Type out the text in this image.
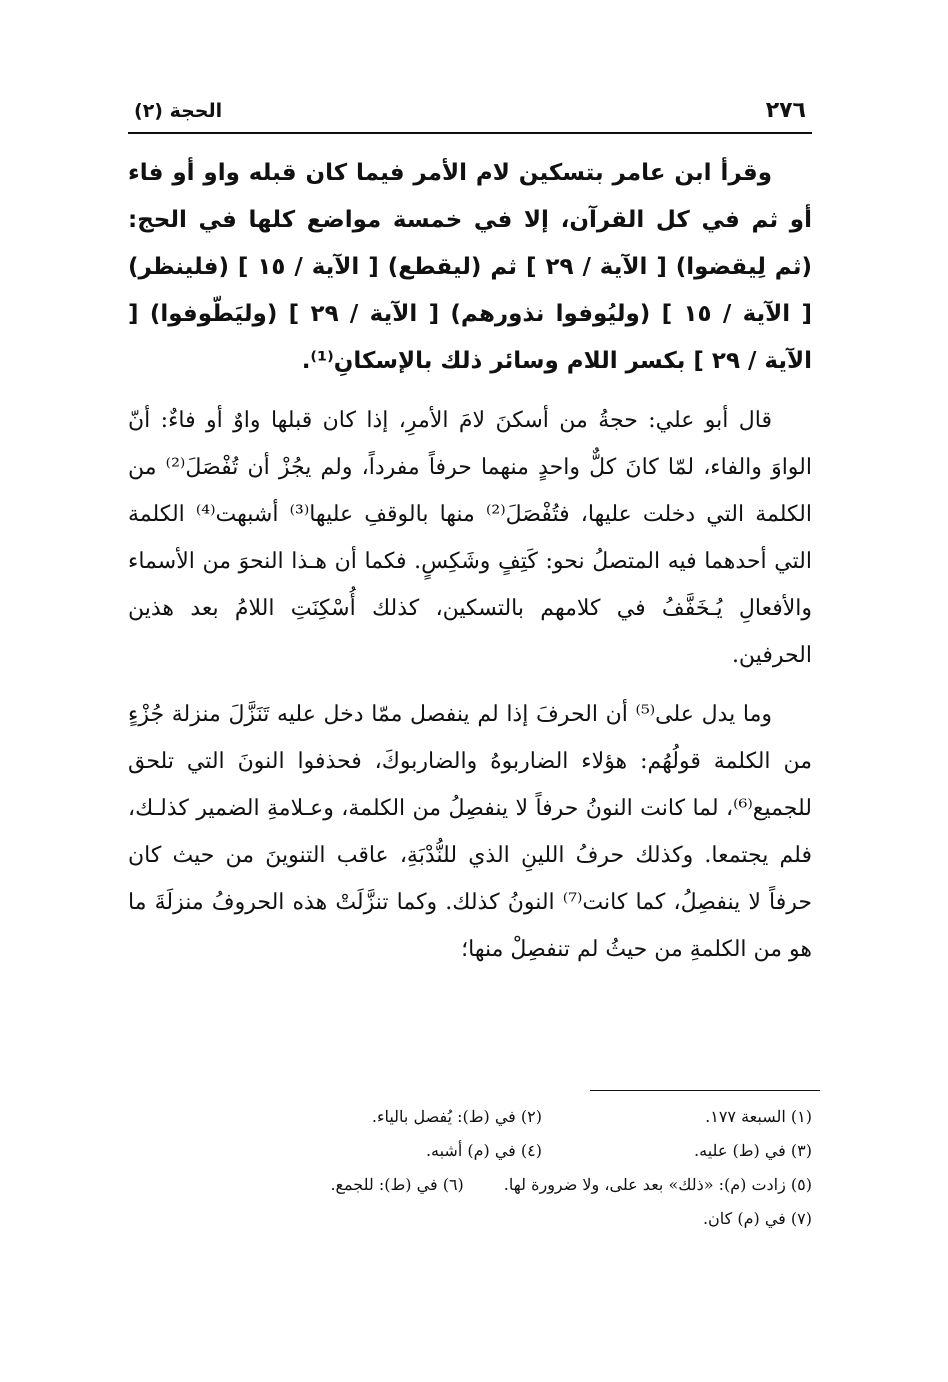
٢٧٦
الحجة (٢)

وقرأ ابن عامر بتسكين لام الأمر فيما كان قبله واو أو فاء أو ثم في كل القرآن، إلا في خمسة مواضع كلها في الحج: (ثم لِيقضوا) [ الآية / ٢٩ ] ثم (ليقطع) [ الآية / ١٥ ] (فلينظر) [ الآية / ١٥ ] (وليُوفوا نذورهم) [ الآية / ٢٩ ] (وليَطّوفوا) [ الآية / ٢٩ ] بكسر اللام وسائر ذلك بالإسكانِ⁽¹⁾.

قال أبو علي: حجةُ من أسكنَ لامَ الأمرِ، إذا كان قبلها واوٌ أو فاءٌ: أنّ الواوَ والفاء، لمّا كانَ كلٌّ واحدٍ منهما حرفاً مفرداً، ولم يجُزْ أن تُفْصَلَ⁽²⁾ من الكلمة التي دخلت عليها، فتُفْصَلَ⁽²⁾ منها بالوقفِ عليها⁽³⁾ أشبهت⁽⁴⁾ الكلمة التي أحدهما فيه المتصلُ نحو: كَتِفٍ وشَكِسٍ. فكما أن هـذا النحوَ من الأسماء والأفعالِ يُـخَفَّفُ في كلامهم بالتسكين، كذلك أُسْكِنَتِ اللامُ بعد هذين الحرفين.

وما يدل على⁽⁵⁾ أن الحرفَ إذا لم ينفصل ممّا دخل عليه تَنَزَّلَ منزلة جُزْءٍ من الكلمة قولُهُم: هؤلاء الضاربوهُ والضاربوكَ، فحذفوا النونَ التي تلحق للجميع⁽⁶⁾، لما كانت النونُ حرفاً لا ينفصِلُ من الكلمة، وعـلامةِ الضمير كذلـك، فلم يجتمعا. وكذلك حرفُ اللينِ الذي للنُّدْبَةِ، عاقب التنوينَ من حيث كان حرفاً لا ينفصِلُ، كما كانت⁽⁷⁾ النونُ كذلك. وكما تنزَّلَتْ هذه الحروفُ منزلَةَ ما هو من الكلمةِ من حيثُ لم تنفصِلْ منها؛

(١) السبعة ١٧٧.
(٢) في (ط): يُفصل بالياء.
(٣) في (ط) عليه.
(٤) في (م) أشبه.
(٥) زادت (م): «ذلك» بعد على، ولا ضرورة لها.
(٦) في (ط): للجمع.
(٧) في (م) كان.
